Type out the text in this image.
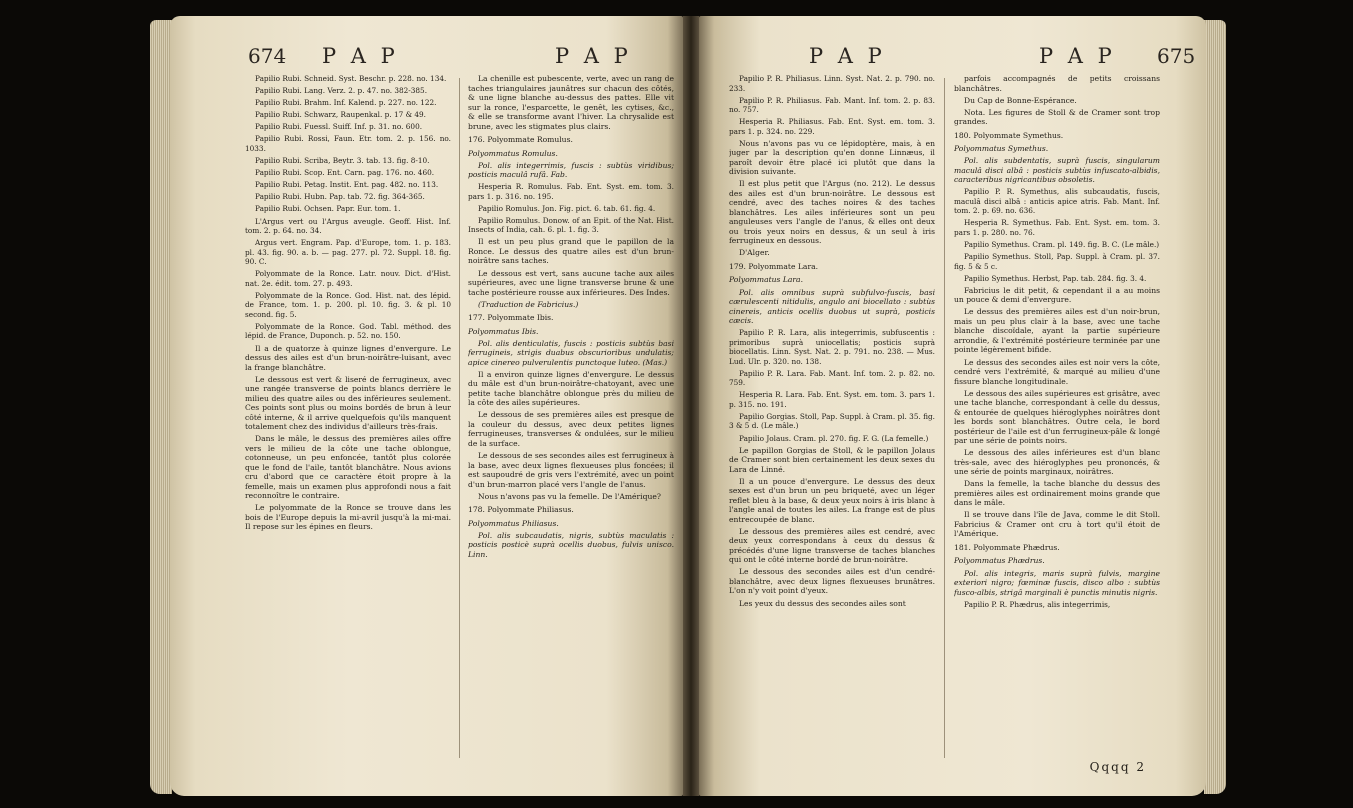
674 P A P	P A P

Papilio Rubi. Schneid. Syst. Beschr. p. 228. no. 134.

Papilio Rubi. Lang. Verz. 2. p. 47. no. 382-385.

Papilio Rubi. Brahm. Inf. Kalend. p. 227. no. 122.

Papilio Rubi. Schwarz, Raupenkal. p. 17 & 49.

Papilio Rubi. Fuessl. Suiff. Inf. p. 31. no. 600.

Papilio Rubi. Rossi, Faun. Etr. tom. 2. p. 156. no. 1033.

Papilio Rubi. Scriba, Beytr. 3. tab. 13. fig. 8-10.

Papilio Rubi. Scop. Ent. Carn. pag. 176. no. 460.

Papilio Rubi. Petag. Instit. Ent. pag. 482. no. 113.

Papilio Rubi. Hubn. Pap. tab. 72. fig. 364-365.

Papilio Rubi. Ochsen. Papr. Eur. tom. 1.

L'Argus vert ou l'Argus aveugle. Geoff. Hist. Inf. tom. 2. p. 64. no. 34.

Argus vert. Engram. Pap. d'Europe, tom. 1. p. 183. pl. 43. fig. 90. a. b. — pag. 277. pl. 72. Suppl. 18. fig. 90. C.

Polyommate de la Ronce. Latr. nouv. Dict. d'Hist. nat. 2e. édit. tom. 27. p. 493.

Polyommate de la Ronce. God. Hist. nat. des lépid. de France, tom. 1. p. 200. pl. 10. fig. 3. & pl. 10 second. fig. 5.

Polyommate de la Ronce. God. Tabl. méthod. des lépid. de France, Duponch. p. 52. no. 150.

Il a de quatorze à quinze lignes d'envergure. Le dessus des ailes est d'un brun-noirâtre-luisant, avec la frange blanchâtre.

Le dessous est vert & liseré de ferrugineux, avec une rangée transverse de points blancs derrière le milieu des quatre ailes ou des inférieures seulement. Ces points sont plus ou moins bordés de brun à leur côté interne, & il arrive quelquefois qu'ils manquent totalement chez des individus d'ailleurs très-frais.

Dans le mâle, le dessus des premières ailes offre vers le milieu de la côte une tache oblongue, cotonneuse, un peu enfoncée, tantôt plus colorée que le fond de l'aile, tantôt blanchâtre. Nous avions cru d'abord que ce caractère étoit propre à la femelle, mais un examen plus approfondi nous a fait reconnoître le contraire.

Le polyommate de la Ronce se trouve dans les bois de l'Europe depuis la mi-avril jusqu'à la mi-mai. Il repose sur les épines en fleurs.

La chenille est pubescente, verte, avec un rang de taches triangulaires jaunâtres sur chacun des côtés, & une ligne blanche au-dessus des pattes. Elle vit sur la ronce, l'esparcette, le genêt, les cytises, &c., & elle se transforme avant l'hiver. La chrysalide est brune, avec les stigmates plus clairs.

176. Polyommate Romulus.

Polyommatus Romulus.

Pol. alis integerrimis, fuscis : subtùs viridibus; posticis maculâ rufâ. Fab.

Hesperia R. Romulus. Fab. Ent. Syst. em. tom. 3. pars 1. p. 316. no. 195.

Papilio Romulus. Jon. Fig. pict. 6. tab. 61. fig. 4.

Papilio Romulus. Donow. of an Epit. of the Nat. Hist. Insects of India, cah. 6. pl. 1. fig. 3.

Il est un peu plus grand que le papillon de la Ronce. Le dessus des quatre ailes est d'un brun-noirâtre sans taches.

Le dessous est vert, sans aucune tache aux ailes supérieures, avec une ligne transverse brune & une tache postérieure rousse aux inférieures. Des Indes.

(Traduction de Fabricius.)

177. Polyommate Ibis.

Polyommatus Ibis.

Pol. alis denticulatis, fuscis : posticis subtùs basi ferrugineis, strigis duabus obscurioribus undulatis; apice cinereo pulverulentis punctoque luteo. (Mas.)

Il a environ quinze lignes d'envergure. Le dessus du mâle est d'un brun-noirâtre-chatoyant, avec une petite tache blanchâtre oblongue près du milieu de la côte des ailes supérieures.

Le dessous de ses premières ailes est presque de la couleur du dessus, avec deux petites lignes ferrugineuses, transverses & ondulées, sur le milieu de la surface.

Le dessous de ses secondes ailes est ferrugineux à la base, avec deux lignes flexueuses plus foncées; il est saupoudré de gris vers l'extrémité, avec un point d'un brun-marron placé vers l'angle de l'anus.

Nous n'avons pas vu la femelle. De l'Amérique?

178. Polyommate Philiasus.

Polyommatus Philiasus.

Pol. alis subcaudatis, nigris, subtùs maculatis : posticis posticè suprà ocellis duobus, fulvis unisco. Linn.

P A P	P A P 675

Papilio P. R. Philiasus. Linn. Syst. Nat. 2. p. 790. no. 233.

Papilio P. R. Philiasus. Fab. Mant. Inf. tom. 2. p. 83. no. 757.

Hesperia R. Philiasus. Fab. Ent. Syst. em. tom. 3. pars 1. p. 324. no. 229.

Nous n'avons pas vu ce lépidoptère, mais, à en juger par la description qu'en donne Linnæus, il paroît devoir être placé ici plutôt que dans la division suivante.

Il est plus petit que l'Argus (no. 212). Le dessus des ailes est d'un brun-noirâtre. Le dessous est cendré, avec des taches noires & des taches blanchâtres. Les ailes inférieures sont un peu anguleuses vers l'angle de l'anus, & elles ont deux ou trois yeux noirs en dessus, & un seul à iris ferrugineux en dessous.

D'Alger.

179. Polyommate Lara.

Polyommatus Lara.

Pol. alis omnibus suprà subfulvo-fuscis, basi cærulescenti nitidulis, angulo ani biocellato : subtùs cinereis, anticis ocellis duobus ut suprà, posticis cæcis.

Papilio P. R. Lara, alis integerrimis, subfuscentis : primoribus suprà uniocellatis; posticis suprà biocellatis. Linn. Syst. Nat. 2. p. 791. no. 238. — Mus. Lud. Ulr. p. 320. no. 138.

Papilio P. R. Lara. Fab. Mant. Inf. tom. 2. p. 82. no. 759.

Hesperia R. Lara. Fab. Ent. Syst. em. tom. 3. pars 1. p. 315. no. 191.

Papilio Gorgias. Stoll, Pap. Suppl. à Cram. pl. 35. fig. 3 & 5 d. (Le mâle.)

Papilio Jolaus. Cram. pl. 270. fig. F. G. (La femelle.)

Le papillon Gorgias de Stoll, & le papillon Jolaus de Cramer sont bien certainement les deux sexes du Lara de Linné.

Il a un pouce d'envergure. Le dessus des deux sexes est d'un brun un peu briqueté, avec un léger reflet bleu à la base, & deux yeux noirs à iris blanc à l'angle anal de toutes les ailes. La frange est de plus entrecoupée de blanc.

Le dessous des premières ailes est cendré, avec deux yeux correspondans à ceux du dessus & précédés d'une ligne transverse de taches blanches qui ont le côté interne bordé de brun-noirâtre.

Le dessous des secondes ailes est d'un cendré-blanchâtre, avec deux lignes flexueuses brunâtres. L'on n'y voit point d'yeux.

Les yeux du dessus des secondes ailes sont

parfois accompagnés de petits croissans blanchâtres.

Du Cap de Bonne-Espérance.

Nota. Les figures de Stoll & de Cramer sont trop grandes.

180. Polyommate Symethus.

Polyommatus Symethus.

Pol. alis subdentatis, suprà fuscis, singularum maculâ disci albâ : posticis subtùs infuscato-albidis, caracteribus nigricantibus obsoletis.

Papilio P. R. Symethus, alis subcaudatis, fuscis, maculâ disci albâ : anticis apice atris. Fab. Mant. Inf. tom. 2. p. 69. no. 636.

Hesperia R. Symethus. Fab. Ent. Syst. em. tom. 3. pars 1. p. 280. no. 76.

Papilio Symethus. Cram. pl. 149. fig. B. C. (Le mâle.)

Papilio Symethus. Stoll, Pap. Suppl. à Cram. pl. 37. fig. 5 & 5 c.

Papilio Symethus. Herbst, Pap. tab. 284. fig. 3. 4.

Fabricius le dit petit, & cependant il a au moins un pouce & demi d'envergure.

Le dessus des premières ailes est d'un noir-brun, mais un peu plus clair à la base, avec une tache blanche discoïdale, ayant la partie supérieure arrondie, & l'extrémité postérieure terminée par une pointe légèrement bifide.

Le dessus des secondes ailes est noir vers la côte, cendré vers l'extrémité, & marqué au milieu d'une fissure blanche longitudinale.

Le dessous des ailes supérieures est grisâtre, avec une tache blanche, correspondant à celle du dessus, & entourée de quelques hiéroglyphes noirâtres dont les bords sont blanchâtres. Outre cela, le bord postérieur de l'aile est d'un ferrugineux-pâle & longé par une série de points noirs.

Le dessous des ailes inférieures est d'un blanc très-sale, avec des hiéroglyphes peu prononcés, & une série de points marginaux, noirâtres.

Dans la femelle, la tache blanche du dessus des premières ailes est ordinairement moins grande que dans le mâle.

Il se trouve dans l'île de Java, comme le dit Stoll. Fabricius & Cramer ont cru à tort qu'il étoit de l'Amérique.

181. Polyommate Phædrus.

Polyommatus Phædrus.

Pol. alis integris, maris suprà fulvis, margine exteriori nigro; fœminæ fuscis, disco albo : subtùs fusco-albis, strigâ marginali è punctis minutis nigris.

Papilio P. R. Phædrus, alis integerrimis,

Qqqq 2
